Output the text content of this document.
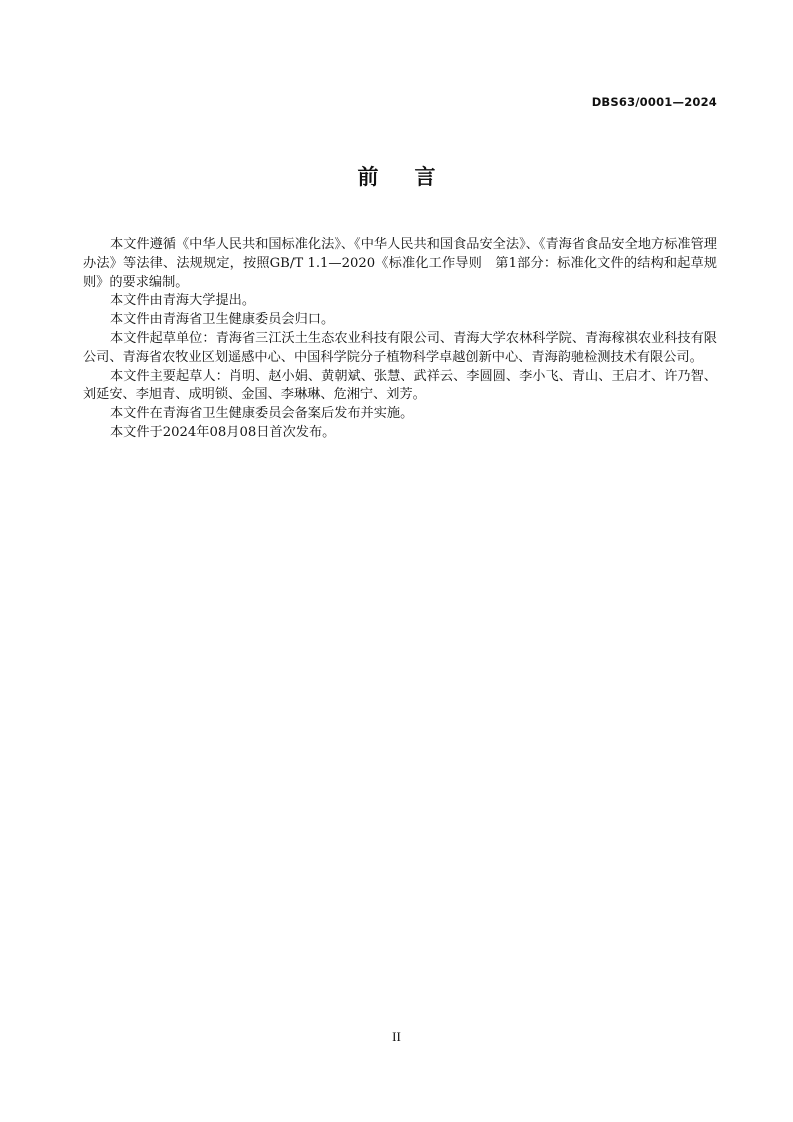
DBS63/0001—2024
前言

本文件遵循《中华人民共和国标准化法》、《中华人民共和国食品安全法》、《青海省食品安全地方标准管理办法》等法律、法规规定，按照GB/T 1.1—2020《标准化工作导则　第1部分：标准化文件的结构和起草规则》的要求编制。

本文件由青海大学提出。

本文件由青海省卫生健康委员会归口。

本文件起草单位：青海省三江沃土生态农业科技有限公司、青海大学农林科学院、青海稼祺农业科技有限公司、青海省农牧业区划遥感中心、中国科学院分子植物科学卓越创新中心、青海韵驰检测技术有限公司。

本文件主要起草人：肖明、赵小娟、黄朝斌、张慧、武祥云、李圆圆、李小飞、青山、王启才、许乃智、刘延安、李旭青、成明锁、金国、李琳琳、危湘宁、刘芳。

本文件在青海省卫生健康委员会备案后发布并实施。

本文件于2024年08月08日首次发布。

II
